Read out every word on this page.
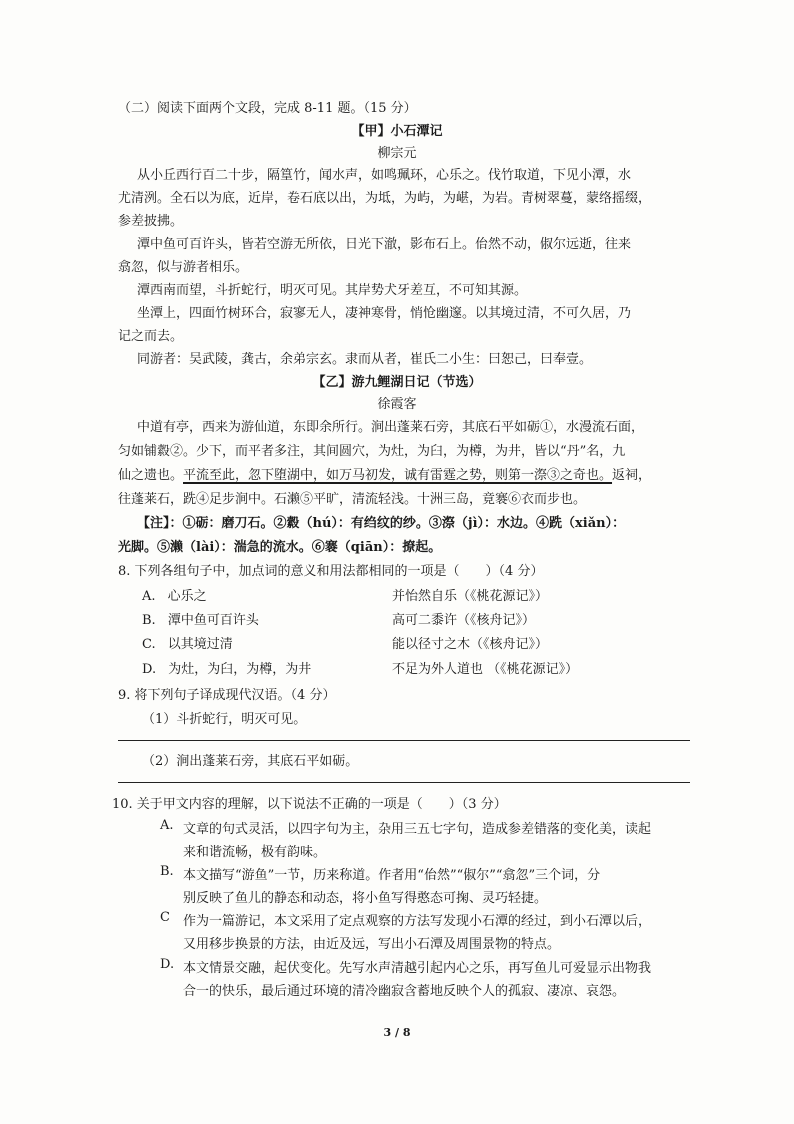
（二）阅读下面两个文段，完成 8-11 题。（15 分）
【甲】小石潭记
柳宗元
从小丘西行百二十步，隔篁竹，闻水声，如鸣珮环，心乐之。伐竹取道，下见小潭，水
尤清洌。全石以为底，近岸，卷石底以出，为坻，为屿，为嵁，为岩。青树翠蔓，蒙络摇缀，
参差披拂。
潭中鱼可百许头，皆若空游无所依，日光下澈，影布石上。佁然不动，俶尔远逝，往来
翕忽，似与游者相乐。
潭西南而望，斗折蛇行，明灭可见。其岸势犬牙差互，不可知其源。
坐潭上，四面竹树环合，寂寥无人，凄神寒骨，悄怆幽邃。以其境过清，不可久居，乃
记之而去。
同游者：吴武陵，龚古，余弟宗玄。隶而从者，崔氏二小生：曰恕己，曰奉壹。
【乙】游九鲤湖日记（节选）
徐霞客
中道有亭，西来为游仙道，东即余所行。涧出蓬莱石旁，其底石平如砺①，水漫流石面，
匀如铺縠②。少下，而平者多注，其间圆穴，为灶，为臼，为樽，为井，皆以“丹”名，九
仙之遗也。平流至此，忽下堕湖中，如万马初发，诚有雷霆之势，则第一漈③之奇也。返祠，
往蓬莱石，跣④足步涧中。石濑⑤平旷，清流轻浅。十洲三岛，竟褰⑥衣而步也。
【注】：①砺：磨刀石。②縠（hú）：有绉纹的纱。③漈（jì）：水边。④跣（xiǎn）：
光脚。⑤濑（lài）：湍急的流水。⑥褰（qiān）：撩起。
8. 下列各组句子中，加点词的意义和用法都相同的一项是（　　）（4 分）
A. 心乐之	并怡然自乐（《桃花源记》）
B. 潭中鱼可百许头	高可二黍许（《核舟记》）
C. 以其境过清	能以径寸之木（《核舟记》）
D. 为灶，为臼，为樽，为井	不足为外人道也 （《桃花源记》）
9. 将下列句子译成现代汉语。（4 分）
（1）斗折蛇行，明灭可见。
（2）涧出蓬莱石旁，其底石平如砺。
10. 关于甲文内容的理解，以下说法不正确的一项是（　　）（3 分）
A. 文章的句式灵活，以四字句为主，杂用三五七字句，造成参差错落的变化美，读起
来和谐流畅，极有韵味。
B. 本文描写“游鱼”一节，历来称道。作者用“佁然”“俶尔”“翕忽”三个词，分
别反映了鱼儿的静态和动态，将小鱼写得憨态可掬、灵巧轻捷。
C 作为一篇游记，本文采用了定点观察的方法写发现小石潭的经过，到小石潭以后，
又用移步换景的方法，由近及远，写出小石潭及周围景物的特点。
D. 本文情景交融，起伏变化。先写水声清越引起内心之乐，再写鱼儿可爱显示出物我
合一的快乐，最后通过环境的清冷幽寂含蓄地反映个人的孤寂、凄凉、哀怨。
3 / 8
